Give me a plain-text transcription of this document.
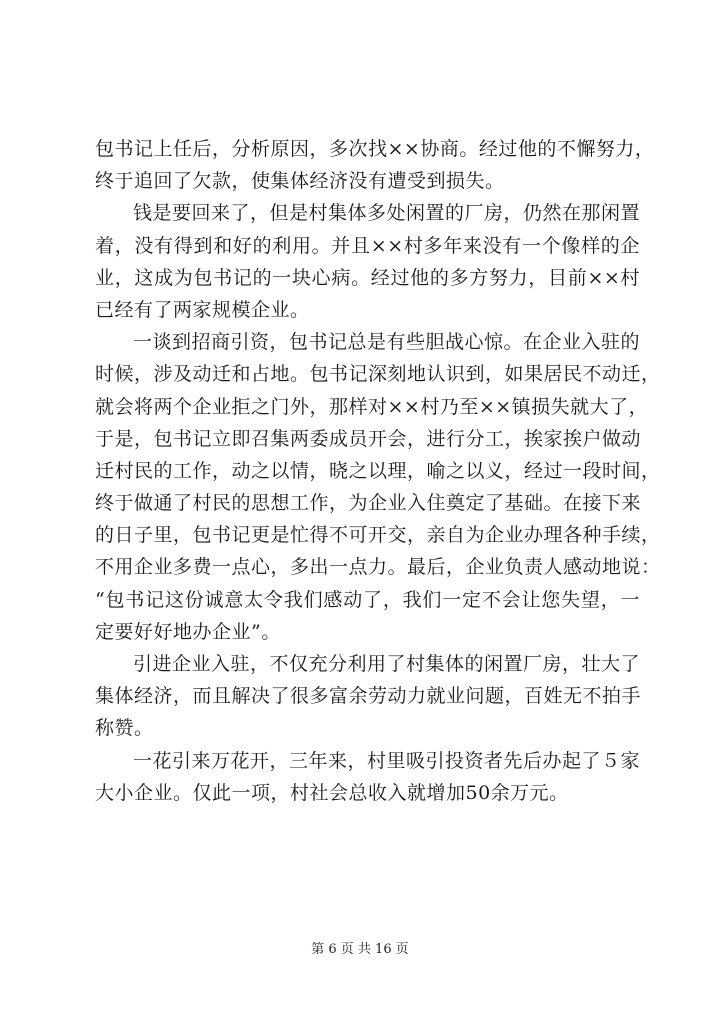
包书记上任后，分析原因，多次找××协商。经过他的不懈努力，
终于追回了欠款，使集体经济没有遭受到损失。
钱是要回来了，但是村集体多处闲置的厂房，仍然在那闲置
着，没有得到和好的利用。并且××村多年来没有一个像样的企
业，这成为包书记的一块心病。经过他的多方努力，目前××村
已经有了两家规模企业。
一谈到招商引资，包书记总是有些胆战心惊。在企业入驻的
时候，涉及动迁和占地。包书记深刻地认识到，如果居民不动迁，
就会将两个企业拒之门外，那样对××村乃至××镇损失就大了，
于是，包书记立即召集两委成员开会，进行分工，挨家挨户做动
迁村民的工作，动之以情，晓之以理，喻之以义，经过一段时间，
终于做通了村民的思想工作，为企业入住奠定了基础。在接下来
的日子里，包书记更是忙得不可开交，亲自为企业办理各种手续，
不用企业多费一点心，多出一点力。最后，企业负责人感动地说：
“包书记这份诚意太令我们感动了，我们一定不会让您失望，一
定要好好地办企业”。
引进企业入驻，不仅充分利用了村集体的闲置厂房，壮大了
集体经济，而且解决了很多富余劳动力就业问题，百姓无不拍手
称赞。
一花引来万花开，三年来，村里吸引投资者先后办起了５家
大小企业。仅此一项，村社会总收入就增加50余万元。
第 6 页 共 16 页
